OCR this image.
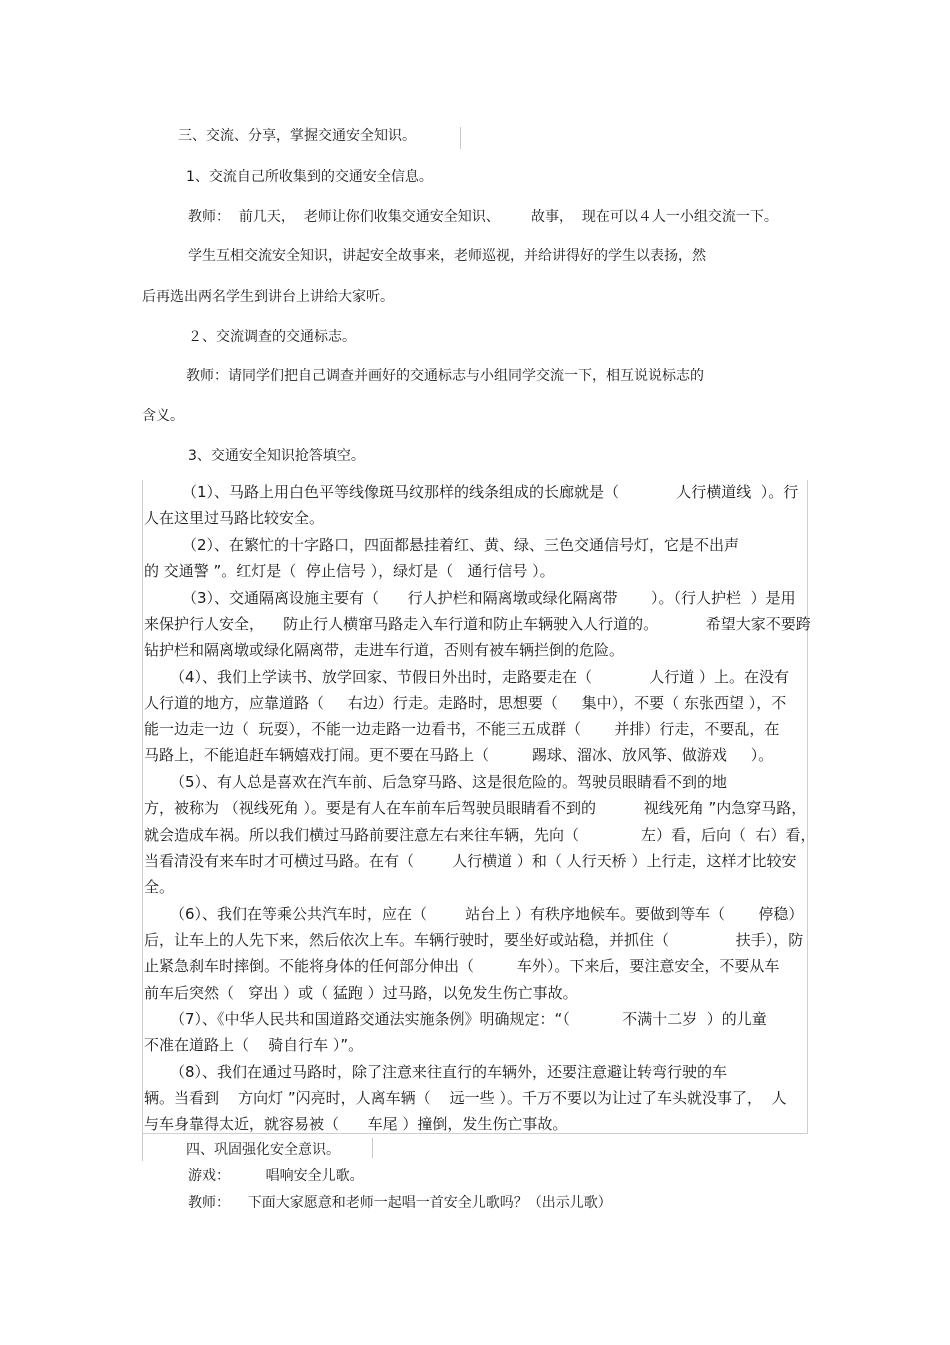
三、交流、分享，掌握交通安全知识。
1、交流自己所收集到的交通安全信息。
教师：  前几天，  老师让你们收集交通安全知识、       故事，  现在可以４人一小组交流一下。
学生互相交流安全知识，讲起安全故事来，老师巡视，并给讲得好的学生以表扬，然
后再选出两名学生到讲台上讲给大家听。
２、交流调查的交通标志。
教师：请同学们把自己调查并画好的交通标志与小组同学交流一下，相互说说标志的
含义。
3、交通安全知识抢答填空。
（1）、马路上用白色平等线像斑马纹那样的线条组成的长廊就是（            人行横道线  ）。行
人在这里过马路比较安全。
（2）、在繁忙的十字路口，四面都悬挂着红、黄、绿、三色交通信号灯，它是不出声
的 交通警 ”。红灯是（  停止信号 ），绿灯是（   通行信号 ）。
（3）、交通隔离设施主要有（      行人护栏和隔离墩或绿化隔离带       ）。（行人护栏  ）是用
来保护行人安全，    防止行人横窜马路走入车行道和防止车辆驶入人行道的。          希望大家不要跨
钻护栏和隔离墩或绿化隔离带，走进车行道，否则有被车辆拦倒的危险。
（4）、我们上学读书、放学回家、节假日外出时，走路要走在（            人行道 ）上。在没有
人行道的地方，应靠道路（     右边）行走。走路时，思想要（     集中），不要（ 东张西望 ），不
能一边走一边（  玩耍），不能一边走路一边看书，不能三五成群（       并排）行走，不要乱，在
马路上，不能追赶车辆嬉戏打闹。更不要在马路上（         踢球、溜冰、放风筝、做游戏     ）。
（5）、有人总是喜欢在汽车前、后急穿马路、这是很危险的。驾驶员眼睛看不到的地
方，被称为 （视线死角 ）。要是有人在车前车后驾驶员眼睛看不到的          视线死角 ”内急穿马路，
就会造成车祸。所以我们横过马路前要注意左右来往车辆，先向（             左）看，后向（  右）看，
当看清没有来车时才可横过马路。在有（        人行横道 ）和（ 人行天桥 ）上行走，这样才比较安
全。
（6）、我们在等乘公共汽车时，应在（        站台上 ）有秩序地候车。要做到等车（       停稳）
后，让车上的人先下来，然后依次上车。车辆行驶时，要坐好或站稳，并抓住（              扶手），防
止紧急刹车时摔倒。不能将身体的任何部分伸出（         车外）。下来后，要注意安全，不要从车
前车后突然（   穿出 ）或（ 猛跑 ）过马路，以免发生伤亡事故。
（7）、《中华人民共和国道路交通法实施条例》明确规定：“（           不满十二岁  ）的儿童
不准在道路上（    骑自行车 ）”。
（8）、我们在通过马路时，除了注意来往直行的车辆外，还要注意避让转弯行驶的车
辆。当看到    方向灯 ”闪亮时，人离车辆（    远一些 ）。千万不要以为让过了车头就没事了，  人
与车身靠得太近，就容易被（      车尾 ）撞倒，发生伤亡事故。
四、巩固强化安全意识。
游戏：        唱响安全儿歌。
教师：    下面大家愿意和老师一起唱一首安全儿歌吗？（出示儿歌）
